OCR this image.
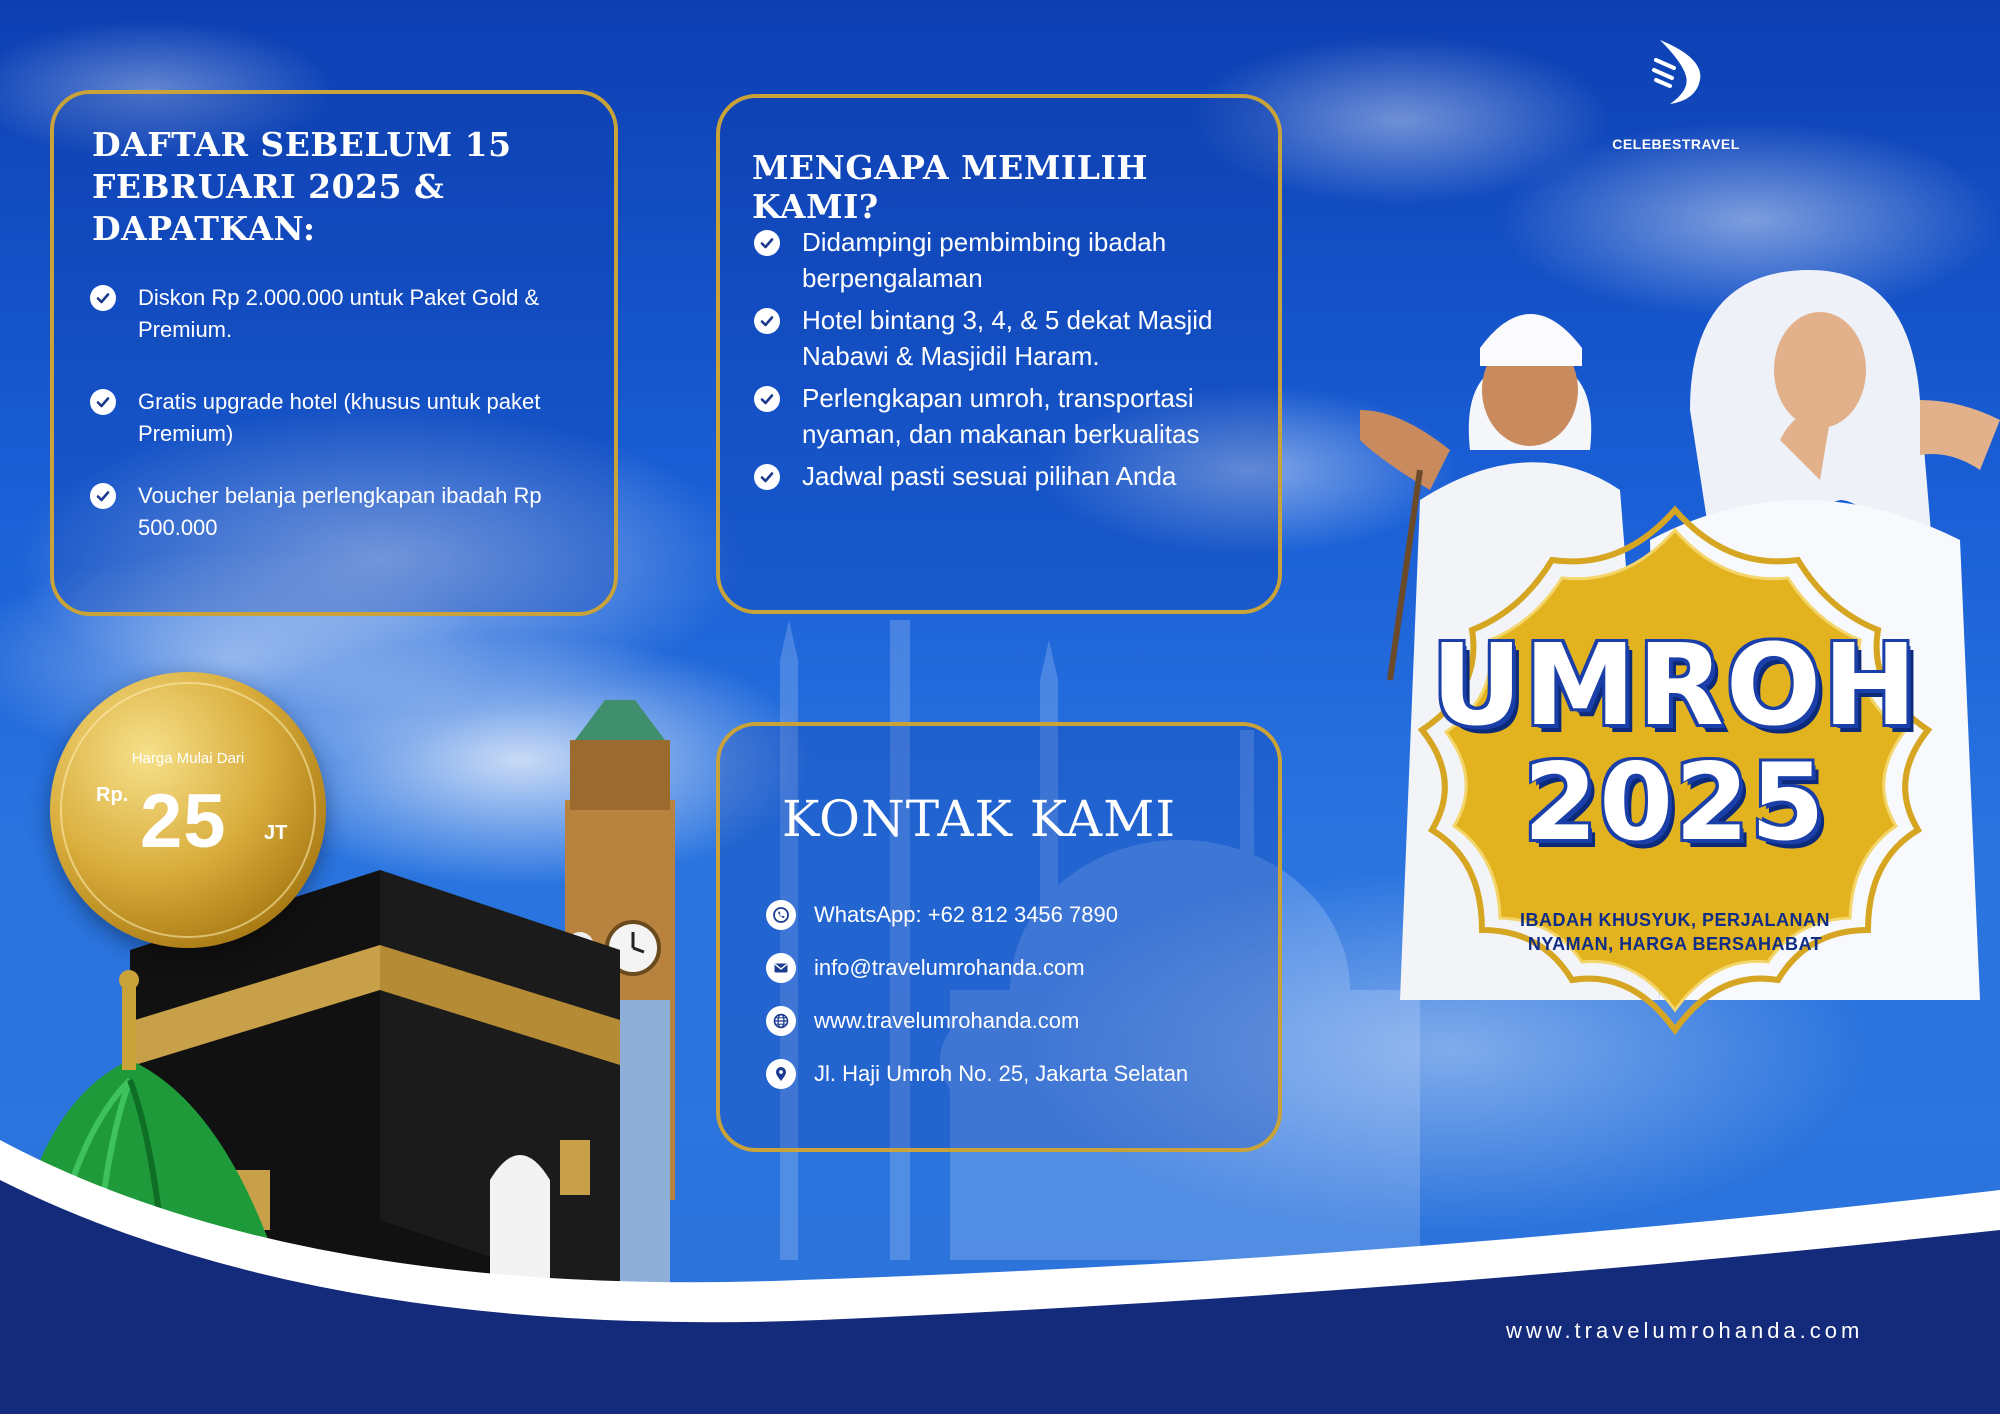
DAFTAR SEBELUM 15 FEBRUARI 2025 & DAPATKAN:
Diskon Rp 2.000.000 untuk Paket Gold & Premium.
Gratis upgrade hotel (khusus untuk paket Premium)
Voucher belanja perlengkapan ibadah Rp 500.000
MENGAPA MEMILIH KAMI?
Didampingi pembimbing ibadah berpengalaman
Hotel bintang 3, 4, & 5 dekat Masjid Nabawi & Masjidil Haram.
Perlengkapan umroh, transportasi nyaman, dan makanan berkualitas
Jadwal pasti sesuai pilihan Anda
KONTAK KAMI
WhatsApp: +62 812 3456 7890
info@travelumrohanda.com
www.travelumrohanda.com
Jl. Haji Umroh No. 25, Jakarta Selatan
Harga Mulai Dari
Rp. 25 JT
UMROH
2025
IBADAH KHUSYUK, PERJALANAN NYAMAN, HARGA BERSAHABAT
CELEBESTRAVEL
www.travelumrohanda.com
